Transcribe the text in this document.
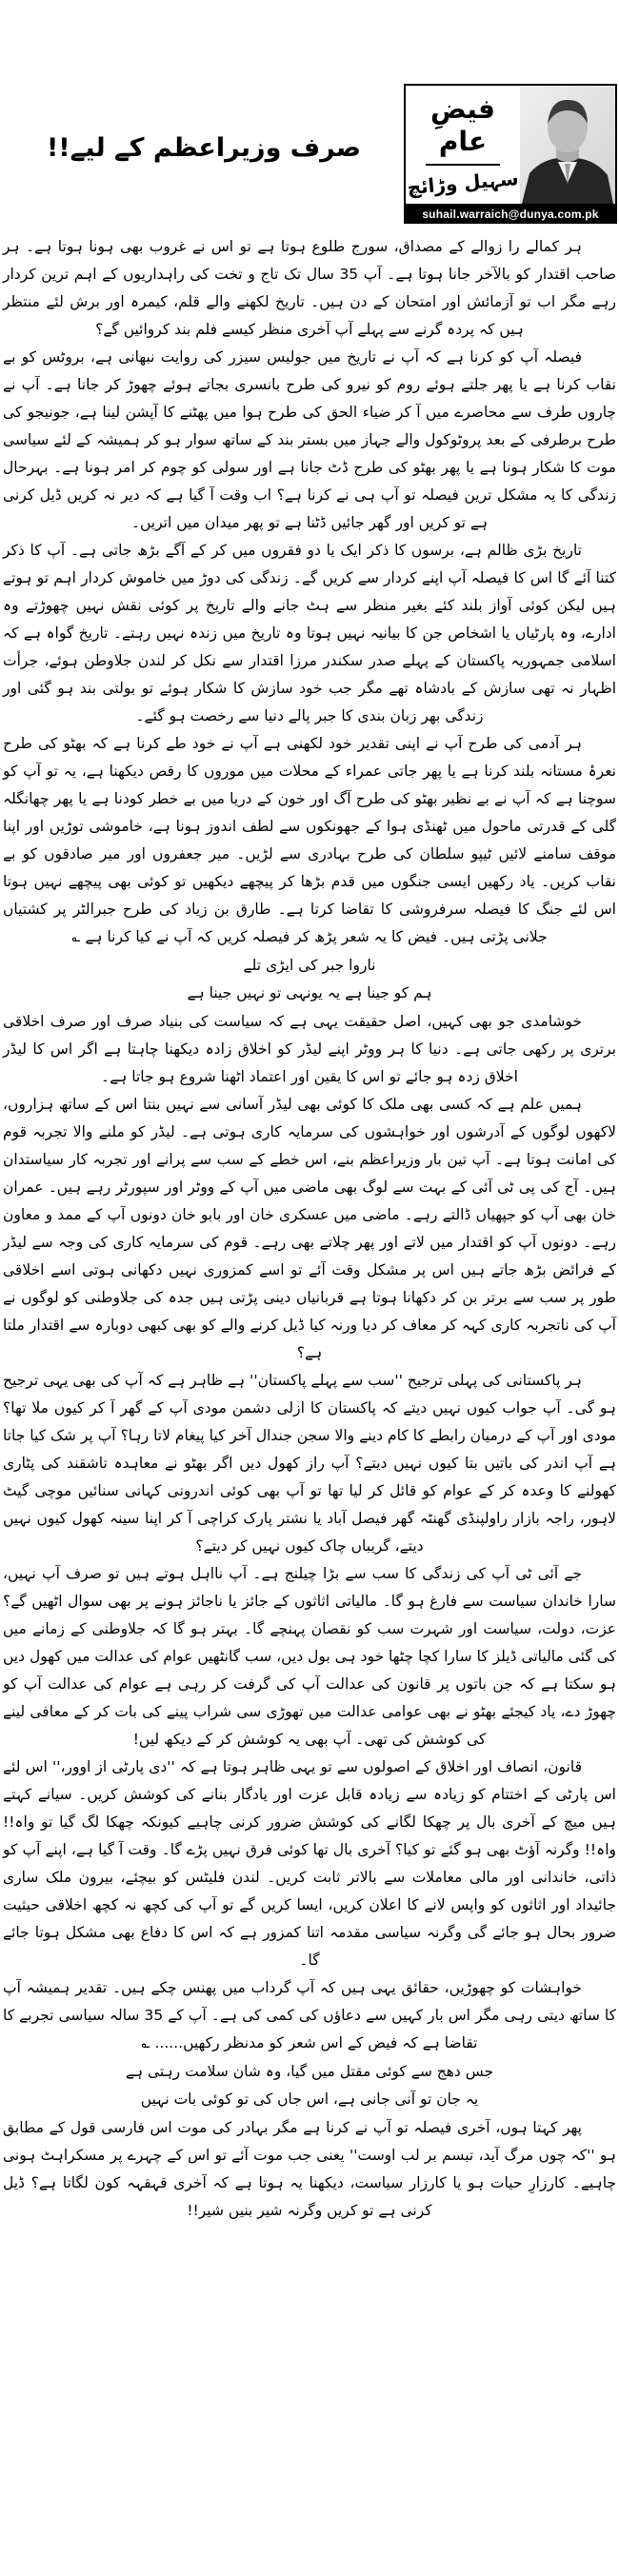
صرف وزیراعظم کے لیے!!
فیضِ عام
سہیل وڑائچ
suhail.warraich@dunya.com.pk

ہر کمالے را زوالے کے مصداق، سورج طلوع ہوتا ہے تو اس نے غروب بھی ہونا ہوتا ہے۔ ہر صاحب اقتدار کو بالآخر جانا ہوتا ہے۔ آپ 35 سال تک تاج و تخت کی راہداریوں کے اہم ترین کردار رہے مگر اب تو آزمائش اور امتحان کے دن ہیں۔ تاریخ لکھنے والے قلم، کیمرہ اور برش لئے منتظر ہیں کہ پردہ گرنے سے پہلے آپ آخری منظر کیسے فلم بند کروائیں گے؟

فیصلہ آپ کو کرنا ہے کہ آپ نے تاریخ میں جولیس سیزر کی روایت نبھانی ہے، بروٹس کو بے نقاب کرنا ہے یا پھر جلتے ہوئے روم کو نیرو کی طرح بانسری بجاتے ہوئے چھوڑ کر جانا ہے۔ آپ نے چاروں طرف سے محاصرے میں آ کر ضیاء الحق کی طرح ہوا میں پھٹنے کا آپشن لینا ہے، جونیجو کی طرح برطرفی کے بعد پروٹوکول والے جہاز میں بستر بند کے ساتھ سوار ہو کر ہمیشہ کے لئے سیاسی موت کا شکار ہونا ہے یا پھر بھٹو کی طرح ڈٹ جانا ہے اور سولی کو چوم کر امر ہونا ہے۔ بہرحال زندگی کا یہ مشکل ترین فیصلہ تو آپ ہی نے کرنا ہے؟ اب وقت آ گیا ہے کہ دیر نہ کریں ڈیل کرنی ہے تو کریں اور گھر جائیں ڈٹنا ہے تو پھر میدان میں اتریں۔

تاریخ بڑی ظالم ہے، برسوں کا ذکر ایک یا دو فقروں میں کر کے آگے بڑھ جاتی ہے۔ آپ کا ذکر کتنا آئے گا اس کا فیصلہ آپ اپنے کردار سے کریں گے۔ زندگی کی دوڑ میں خاموش کردار اہم تو ہوتے ہیں لیکن کوئی آواز بلند کئے بغیر منظر سے ہٹ جانے والے تاریخ پر کوئی نقش نہیں چھوڑتے وہ ادارے، وہ پارٹیاں یا اشخاص جن کا بیانیہ نہیں ہوتا وہ تاریخ میں زندہ نہیں رہتے۔ تاریخ گواہ ہے کہ اسلامی جمہوریہ پاکستان کے پہلے صدر سکندر مرزا اقتدار سے نکل کر لندن جلاوطن ہوئے، جرأت اظہار نہ تھی سازش کے بادشاہ تھے مگر جب خود سازش کا شکار ہوئے تو بولتی بند ہو گئی اور زندگی بھر زبان بندی کا جبر پالے دنیا سے رخصت ہو گئے۔

ہر آدمی کی طرح آپ نے اپنی تقدیر خود لکھنی ہے آپ نے خود طے کرنا ہے کہ بھٹو کی طرح نعرۂ مستانہ بلند کرنا ہے یا پھر جاتی عمراء کے محلات میں موروں کا رقص دیکھنا ہے، یہ تو آپ کو سوچنا ہے کہ آپ نے بے نظیر بھٹو کی طرح آگ اور خون کے دریا میں بے خطر کودنا ہے یا پھر چھانگلہ گلی کے قدرتی ماحول میں ٹھنڈی ہوا کے جھونکوں سے لطف اندوز ہونا ہے، خاموشی توڑیں اور اپنا موقف سامنے لائیں ٹیپو سلطان کی طرح بہادری سے لڑیں۔ میر جعفروں اور میر صادقوں کو بے نقاب کریں۔ یاد رکھیں ایسی جنگوں میں قدم بڑھا کر پیچھے دیکھیں تو کوئی بھی پیچھے نہیں ہوتا اس لئے جنگ کا فیصلہ سرفروشی کا تقاضا کرتا ہے۔ طارق بن زیاد کی طرح جبرالٹر پر کشتیاں جلانی پڑتی ہیں۔ فیض کا یہ شعر پڑھ کر فیصلہ کریں کہ آپ نے کیا کرنا ہے ؎

ناروا جبر کی ایڑی تلے
ہم کو جینا ہے یہ یونہی تو نہیں جینا ہے

خوشامدی جو بھی کہیں، اصل حقیقت یہی ہے کہ سیاست کی بنیاد صرف اور صرف اخلاقی برتری پر رکھی جاتی ہے۔ دنیا کا ہر ووٹر اپنے لیڈر کو اخلاق زادہ دیکھنا چاہتا ہے اگر اس کا لیڈر اخلاق زدہ ہو جائے تو اس کا یقین اور اعتماد اٹھنا شروع ہو جاتا ہے۔

ہمیں علم ہے کہ کسی بھی ملک کا کوئی بھی لیڈر آسانی سے نہیں بنتا اس کے ساتھ ہزاروں، لاکھوں لوگوں کے آدرشوں اور خواہشوں کی سرمایہ کاری ہوتی ہے۔ لیڈر کو ملنے والا تجربہ قوم کی امانت ہوتا ہے۔ آپ تین بار وزیراعظم بنے، اس خطے کے سب سے پرانے اور تجربہ کار سیاستدان ہیں۔ آج کی پی ٹی آئی کے بہت سے لوگ بھی ماضی میں آپ کے ووٹر اور سپورٹر رہے ہیں۔ عمران خان بھی آپ کو جپھیاں ڈالتے رہے۔ ماضی میں عسکری خان اور بابو خان دونوں آپ کے ممد و معاون رہے۔ دونوں آپ کو اقتدار میں لاتے اور پھر چلاتے بھی رہے۔ قوم کی سرمایہ کاری کی وجہ سے لیڈر کے فرائض بڑھ جاتے ہیں اس پر مشکل وقت آئے تو اسے کمزوری نہیں دکھانی ہوتی اسے اخلاقی طور پر سب سے برتر بن کر دکھانا ہوتا ہے قربانیاں دینی پڑتی ہیں جدہ کی جلاوطنی کو لوگوں نے آپ کی ناتجربہ کاری کہہ کر معاف کر دیا ورنہ کیا ڈیل کرنے والے کو بھی کبھی دوبارہ سے اقتدار ملتا ہے؟

ہر پاکستانی کی پہلی ترجیح ''سب سے پہلے پاکستان'' ہے ظاہر ہے کہ آپ کی بھی یہی ترجیح ہو گی۔ آپ جواب کیوں نہیں دیتے کہ پاکستان کا ازلی دشمن مودی آپ کے گھر آ کر کیوں ملا تھا؟ مودی اور آپ کے درمیان رابطے کا کام دینے والا سجن جندال آخر کیا پیغام لاتا رہا؟ آپ پر شک کیا جاتا ہے آپ اندر کی باتیں بتا کیوں نہیں دیتے؟ آپ راز کھول دیں اگر بھٹو نے معاہدہ تاشقند کی پٹاری کھولنے کا وعدہ کر کے عوام کو قائل کر لیا تھا تو آپ بھی کوئی اندرونی کہانی سنائیں موچی گیٹ لاہور، راجہ بازار راولپنڈی گھنٹہ گھر فیصل آباد یا نشتر پارک کراچی آ کر اپنا سینہ کھول کیوں نہیں دیتے، گریباں چاک کیوں نہیں کر دیتے؟

جے آئی ٹی آپ کی زندگی کا سب سے بڑا چیلنج ہے۔ آپ نااہل ہوتے ہیں تو صرف آپ نہیں، سارا خاندان سیاست سے فارغ ہو گا۔ مالیاتی اثاثوں کے جائز یا ناجائز ہونے پر بھی سوال اٹھیں گے؟ عزت، دولت، سیاست اور شہرت سب کو نقصان پہنچے گا۔ بہتر ہو گا کہ جلاوطنی کے زمانے میں کی گئی مالیاتی ڈیلز کا سارا کچا چٹھا خود ہی بول دیں، سب گانٹھیں عوام کی عدالت میں کھول دیں ہو سکتا ہے کہ جن باتوں پر قانون کی عدالت آپ کی گرفت کر رہی ہے عوام کی عدالت آپ کو چھوڑ دے، یاد کیجئے بھٹو نے بھی عوامی عدالت میں تھوڑی سی شراب پینے کی بات کر کے معافی لینے کی کوشش کی تھی۔ آپ بھی یہ کوشش کر کے دیکھ لیں!

قانون، انصاف اور اخلاق کے اصولوں سے تو یہی ظاہر ہوتا ہے کہ ''دی پارٹی از اوور،'' اس لئے اس پارٹی کے اختتام کو زیادہ سے زیادہ قابل عزت اور یادگار بنانے کی کوشش کریں۔ سیانے کہتے ہیں میچ کے آخری بال پر چھکا لگانے کی کوشش ضرور کرنی چاہیے کیونکہ چھکا لگ گیا تو واہ!! واہ!! وگرنہ آؤٹ بھی ہو گئے تو کیا؟ آخری بال تھا کوئی فرق نہیں پڑے گا۔ وقت آ گیا ہے، اپنے آپ کو ذاتی، خاندانی اور مالی معاملات سے بالاتر ثابت کریں۔ لندن فلیٹس کو بیچئے، بیرون ملک ساری جائیداد اور اثاثوں کو واپس لانے کا اعلان کریں، ایسا کریں گے تو آپ کی کچھ نہ کچھ اخلاقی حیثیت ضرور بحال ہو جائے گی وگرنہ سیاسی مقدمہ اتنا کمزور ہے کہ اس کا دفاع بھی مشکل ہوتا جائے گا۔

خواہشات کو چھوڑیں، حقائق یہی ہیں کہ آپ گرداب میں پھنس چکے ہیں۔ تقدیر ہمیشہ آپ کا ساتھ دیتی رہی مگر اس بار کہیں سے دعاؤں کی کمی کی ہے۔ آپ کے 35 سالہ سیاسی تجربے کا تقاضا ہے کہ فیض کے اس شعر کو مدنظر رکھیں...... ؎

جس دھج سے کوئی مقتل میں گیا، وہ شان سلامت رہتی ہے
یہ جان تو آنی جانی ہے، اس جاں کی تو کوئی بات نہیں

پھر کہتا ہوں، آخری فیصلہ تو آپ نے کرنا ہے مگر بہادر کی موت اس فارسی قول کے مطابق ہو ''کہ چوں مرگ آید، تبسم بر لب اوست'' یعنی جب موت آئے تو اس کے چہرے پر مسکراہٹ ہونی چاہیے۔ کارزارِ حیات ہو یا کارزار سیاست، دیکھنا یہ ہوتا ہے کہ آخری قہقہہ کون لگاتا ہے؟ ڈیل کرنی ہے تو کریں وگرنہ شیر بنیں شیر!!
